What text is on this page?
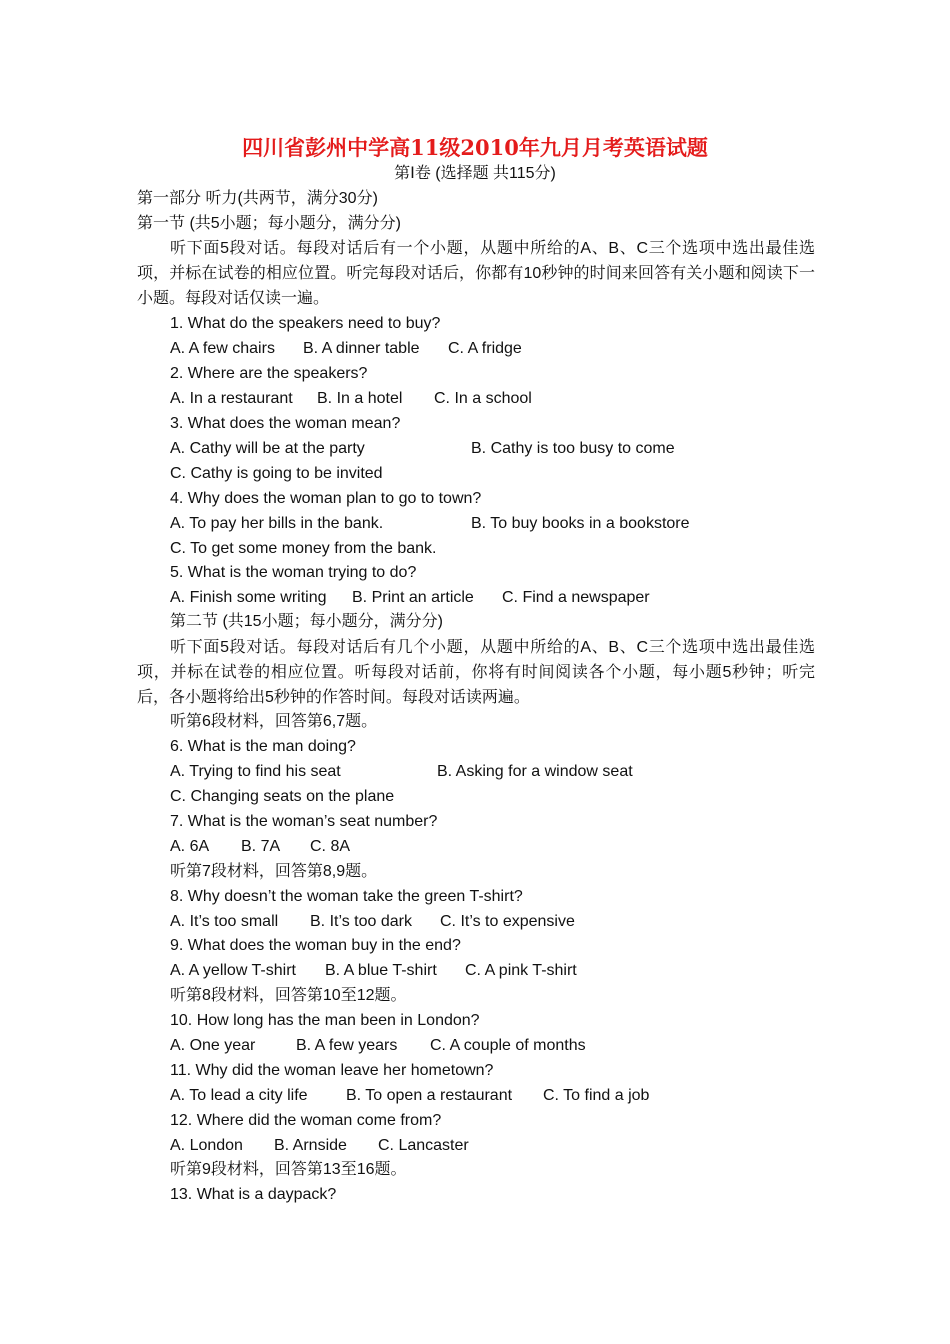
四川省彭州中学高11级2010年九月月考英语试题
第Ⅰ卷 (选择题 共115分)
第一部分 听力(共两节，满分30分)
第一节 (共5小题；每小题分，满分分)

听下面5段对话。每段对话后有一个小题，从题中所给的A、B、C三个选项中选出最佳选项，并标在试卷的相应位置。听完每段对话后，你都有10秒钟的时间来回答有关小题和阅读下一小题。每段对话仅读一遍。

1. What do the speakers need to buy?
A. A few chairs B. A dinner table C. A fridge
2. Where are the speakers?
A. In a restaurant B. In a hotel C. In a school
3. What does the woman mean?
A. Cathy will be at the party	B. Cathy is too busy to come
C. Cathy is going to be invited
4. Why does the woman plan to go to town?
A. To pay her bills in the bank.	B. To buy books in a bookstore
C. To get some money from the bank.
5. What is the woman trying to do?
A. Finish some writing B. Print an article C. Find a newspaper
第二节 (共15小题；每小题分，满分分)

听下面5段对话。每段对话后有几个小题，从题中所给的A、B、C三个选项中选出最佳选项，并标在试卷的相应位置。听每段对话前，你将有时间阅读各个小题，每小题5秒钟；听完后，各小题将给出5秒钟的作答时间。每段对话读两遍。

听第6段材料，回答第6,7题。
6. What is the man doing?
A. Trying to find his seat	B. Asking for a window seat
C. Changing seats on the plane
7. What is the woman’s seat number?
A. 6A B. 7A C. 8A
听第7段材料，回答第8,9题。
8. Why doesn’t the woman take the green T-shirt?
A. It’s too small B. It’s too dark C. It’s to expensive
9. What does the woman buy in the end?
A. A yellow T-shirt B. A blue T-shirt C. A pink T-shirt
听第8段材料，回答第10至12题。
10. How long has the man been in London?
A. One year	B. A few years C. A couple of months
11. Why did the woman leave her hometown?
A. To lead a city life B. To open a restaurant C. To find a job
12. Where did the woman come from?
A. London B. Arnside C. Lancaster
听第9段材料，回答第13至16题。
13. What is a daypack?
